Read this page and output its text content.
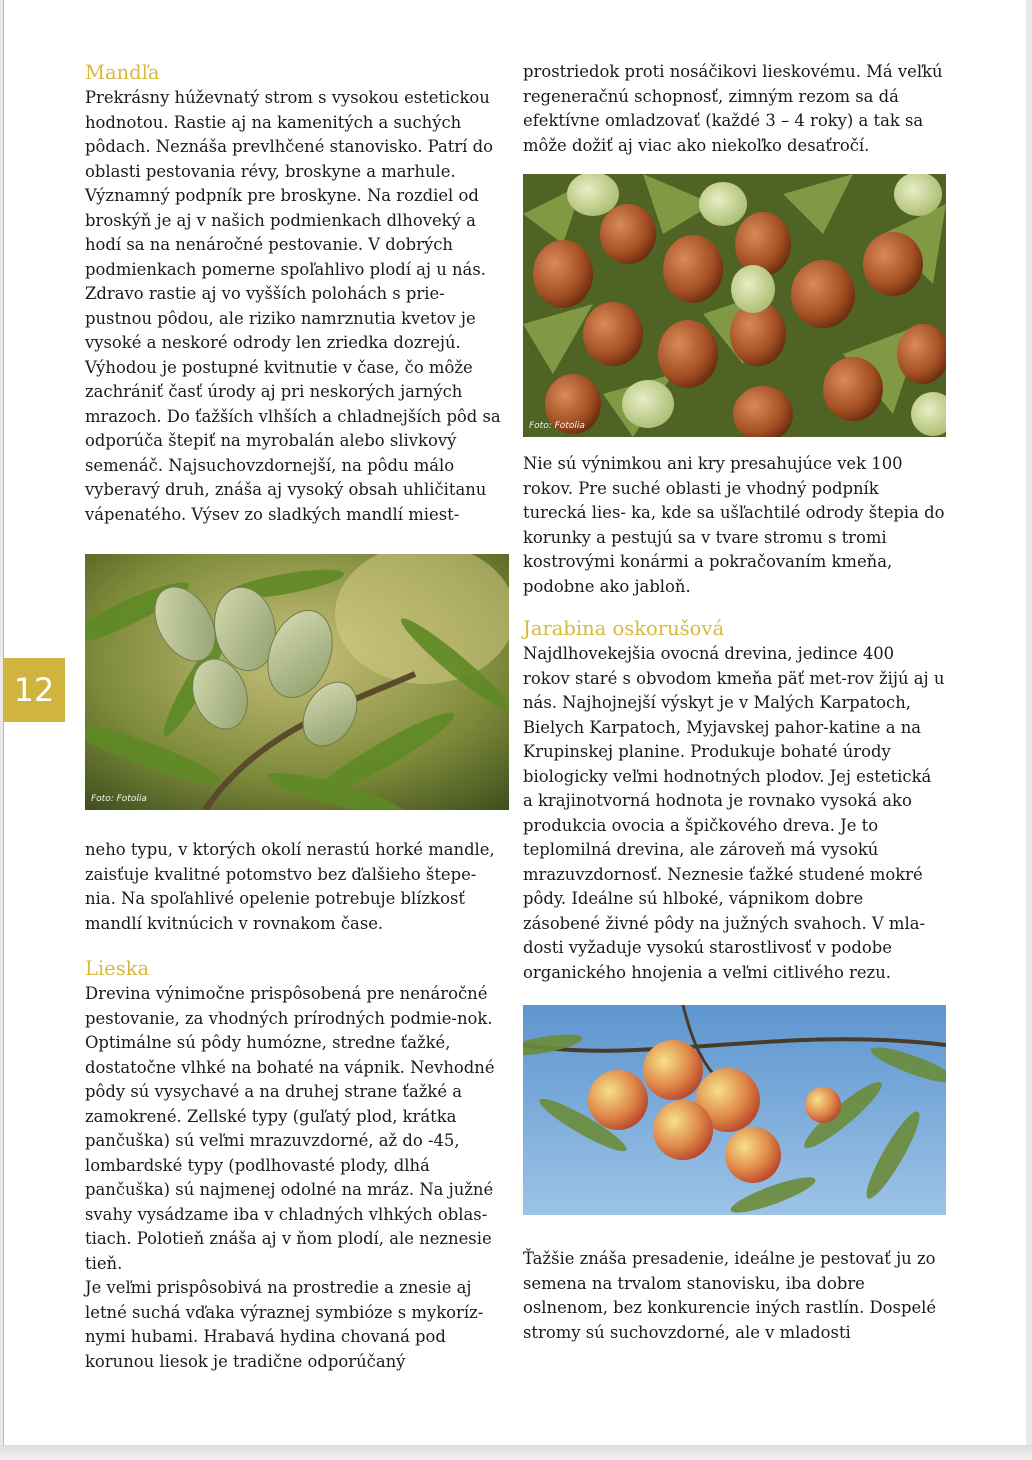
12
Mandľa

Prekrásny húževnatý strom s vysokou estetickou hodnotou. Rastie aj na kamenitých a suchých pôdach. Neznáša prevlhčené stanovisko. Patrí do oblasti pestovania révy, broskyne a marhule. Významný podpník pre broskyne. Na rozdiel od broskýň je aj v našich podmienkach dlhoveký a hodí sa na nenáročné pestovanie. V dobrých podmienkach pomerne spoľahlivo plodí aj u nás. Zdravo rastie aj vo vyšších polohách s prie-pustnou pôdou, ale riziko namrznutia kvetov je vysoké a neskoré odrody len zriedka dozrejú. Výhodou je postupné kvitnutie v čase, čo môže zachrániť časť úrody aj pri neskorých jarných mrazoch. Do ťažších vlhších a chladnejších pôd sa odporúča štepiť na myrobalán alebo slivkový semenáč. Najsuchovzdornejší, na pôdu málo vyberavý druh, znáša aj vysoký obsah uhličitanu vápenatého. Výsev zo sladkých mandlí miest-

Foto: Fotolia

neho typu, v ktorých okolí nerastú horké mandle, zaisťuje kvalitné potomstvo bez ďalšieho štepe-nia. Na spoľahlivé opelenie potrebuje blízkosť mandlí kvitnúcich v rovnakom čase.

Lieska

Drevina výnimočne prispôsobená pre nenáročné pestovanie, za vhodných prírodných podmie-nok. Optimálne sú pôdy humózne, stredne ťažké, dostatočne vlhké na bohaté na vápnik. Nevhodné pôdy sú vysychavé a na druhej strane ťažké a zamokrené. Zellské typy (guľatý plod, krátka pančuška) sú veľmi mrazuvzdorné, až do -45, lombardské typy (podlhovasté plody, dlhá pančuška) sú najmenej odolné na mráz. Na južné svahy vysádzame iba v chladných vlhkých oblas-tiach. Polotieň znáša aj v ňom plodí, ale neznesie tieň.

Je veľmi prispôsobivá na prostredie a znesie aj letné suchá vďaka výraznej symbióze s mykoríz-nymi hubami. Hrabavá hydina chovaná pod korunou liesok je tradične odporúčaný

prostriedok proti nosáčikovi lieskovému. Má veľkú regeneračnú schopnosť, zimným rezom sa dá efektívne omladzovať (každé 3 – 4 roky) a tak sa môže dožiť aj viac ako niekoľko desaťročí.

Foto: Fotolia

Nie sú výnimkou ani kry presahujúce vek 100 rokov. Pre suché oblasti je vhodný podpník turecká lies- ka, kde sa ušľachtilé odrody štepia do korunky a pestujú sa v tvare stromu s tromi kostrovými konármi a pokračovaním kmeňa, podobne ako jabloň.

Jarabina oskorušová

Najdlhovekejšia ovocná drevina, jedince 400 rokov staré s obvodom kmeňa päť met-rov žijú aj u nás. Najhojnejší výskyt je v Malých Karpatoch, Bielych Karpatoch, Myjavskej pahor-katine a na Krupinskej planine. Produkuje bohaté úrody biologicky veľmi hodnotných plodov. Jej estetická a krajinotvorná hodnota je rovnako vysoká ako produkcia ovocia a špičkového dreva. Je to teplomilná drevina, ale zároveň má vysokú mrazuvzdornosť. Neznesie ťažké studené mokré pôdy. Ideálne sú hlboké, vápnikom dobre zásobené živné pôdy na južných svahoch. V mla-dosti vyžaduje vysokú starostlivosť v podobe organického hnojenia a veľmi citlivého rezu.

Ťažšie znáša presadenie, ideálne je pestovať ju zo semena na trvalom stanovisku, iba dobre oslnenom, bez konkurencie iných rastlín. Dospelé stromy sú suchovzdorné, ale v mladosti
